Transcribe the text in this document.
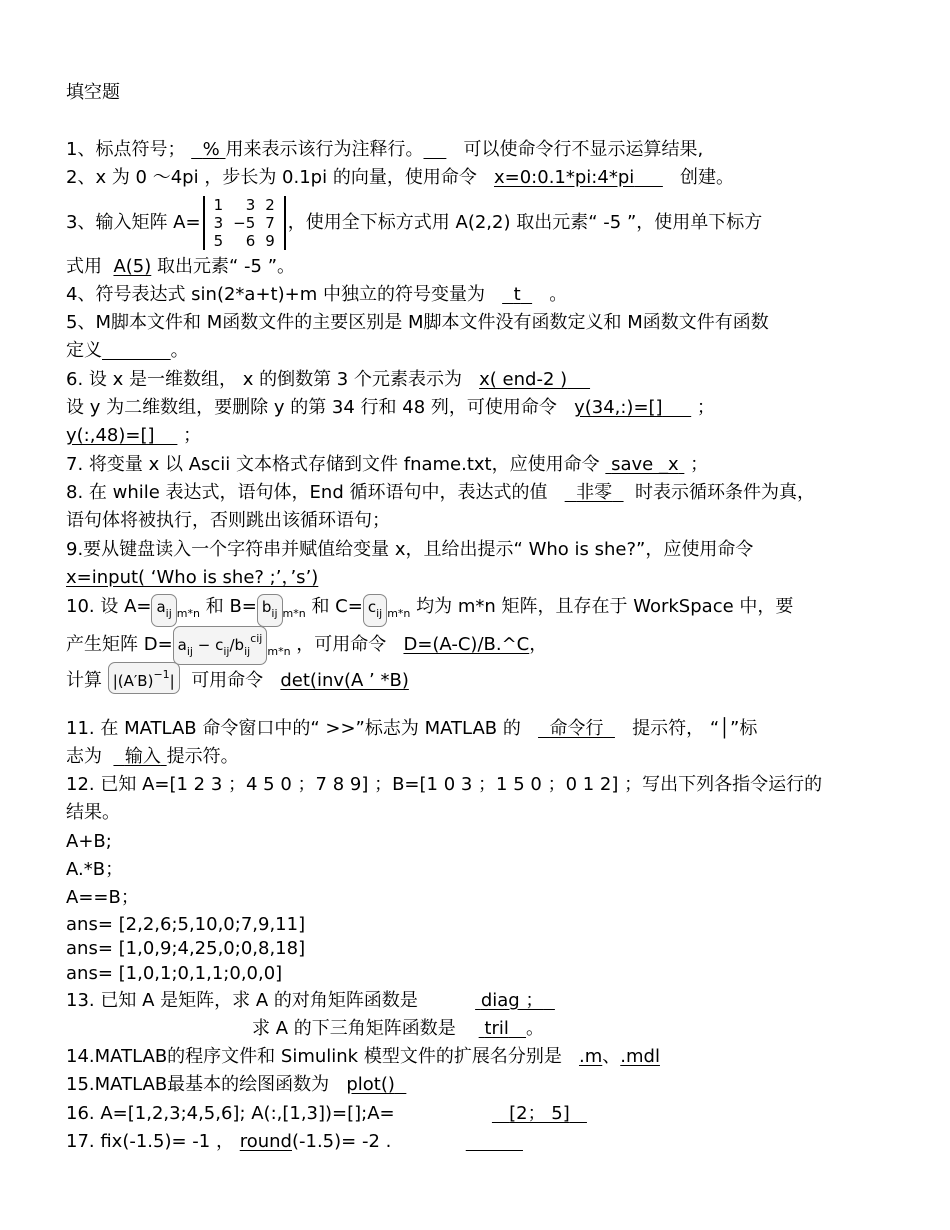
填空题
1、标点符号； % 用来表示该行为注释行。 可以使命令行不显示运算结果,
2、x 为 0 ～4pi ，步长为 0.1pi 的向量，使用命令 x=0:0.1*pi:4*pi	创建。
3、输入矩阵 A=1	3	2
3	−5	7
5	6	9，使用全下标方式用 A(2,2) 取出元素“ -5 ”，使用单下标方
式用 A(5) 取出元素“ -5 ”。
4、符号表达式 sin(2*a+t)+m 中独立的符号变量为 t 。
5、M脚本文件和 M函数文件的主要区别是 M脚本文件没有函数定义和 M函数文件有函数
定义	。
6. 设 x 是一维数组， x 的倒数第 3 个元素表示为 x( end-2 )
设 y 为二维数组，要删除 y 的第 34 行和 48 列，可使用命令 y(34,:)=[] ；
y(:,48)=[] ；
7. 将变量 x 以 Ascii 文本格式存储到文件 fname.txt，应使用命令 save _x ；
8. 在 while 表达式，语句体，End 循环语句中，表达式的值 非零 时表示循环条件为真，
语句体将被执行，否则跳出该循环语句；
9.要从键盘读入一个字符串并赋值给变量 x，且给出提示“ Who is she?”，应使用命令
x=input( ‘Who is she? ;’，’s’)
10. 设 $A= a_{ij}$ $_{m*n}$ 和 $B= b_{ij}$ $_{m*n}$ 和 $C= c_{ij}$ $_{m*n}$ 均为 m*n 矩阵，且存在于 WorkSpace 中，要
产生矩阵 $D= a_{ij} - c_{ij}/b_{ij}^{cij}_{m*n}$ ，可用命令 D=(A-C)/B.^C，
计算 $|(A'B)^{-1}|$ 可用命令 det(inv(A ’ *B)
11. 在 MATLAB 命令窗口中的“ >>”标志为 MATLAB 的 命令行 提示符， “│”标
志为 输入 提示符。
12. 已知 A=[1 2 3 ；4 5 0 ；7 8 9] ；B=[1 0 3 ；1 5 0 ；0 1 2] ；写出下列各指令运行的
结果。
A+B;
A.*B；
A==B；
ans= [2,2,6;5,10,0;7,9,11]
ans= [1,0,9;4,25,0;0,8,18]
ans= [1,0,1;0,1,1;0,0,0]
13. 已知 A 是矩阵，求 A 的对角矩阵函数是	diag ；
求 A 的下三角矩阵函数是 tril 。
14.MATLAB的程序文件和 Simulink 模型文件的扩展名分别是 .m、.mdl
15.MATLAB最基本的绘图函数为 plot()
16. A=[1,2,3;4,5,6]; A(:,[1,3])=[];A=	[2； 5]
17. fix(-1.5)= -1 ， round(-1.5)= -2 .
